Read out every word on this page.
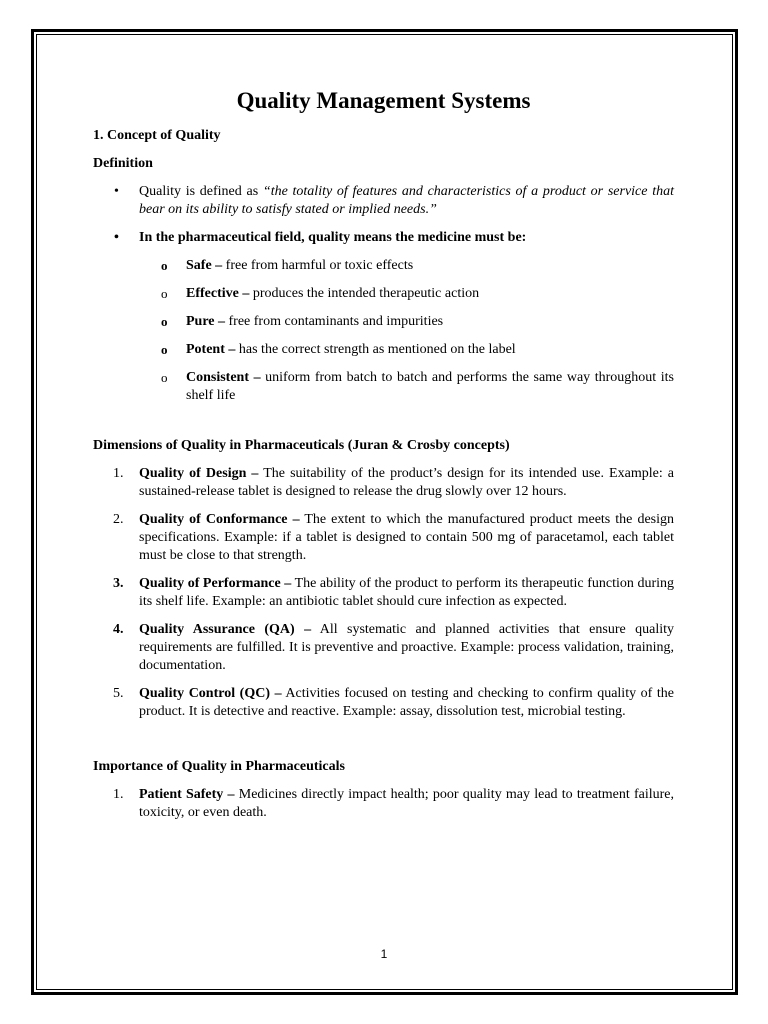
Quality Management Systems

1. Concept of Quality

Definition

•	Quality is defined as “the totality of features and characteristics of a product or service that bear on its ability to satisfy stated or implied needs.”
•	In the pharmaceutical field, quality means the medicine must be:
o	Safe – free from harmful or toxic effects
o	Effective – produces the intended therapeutic action
o	Pure – free from contaminants and impurities
o	Potent – has the correct strength as mentioned on the label
o	Consistent – uniform from batch to batch and performs the same way throughout its shelf life

Dimensions of Quality in Pharmaceuticals (Juran & Crosby concepts)

1.	Quality of Design – The suitability of the product’s design for its intended use. Example: a sustained-release tablet is designed to release the drug slowly over 12 hours.
2.	Quality of Conformance – The extent to which the manufactured product meets the design specifications. Example: if a tablet is designed to contain 500 mg of paracetamol, each tablet must be close to that strength.
3.	Quality of Performance – The ability of the product to perform its therapeutic function during its shelf life. Example: an antibiotic tablet should cure infection as expected.
4.	Quality Assurance (QA) – All systematic and planned activities that ensure quality requirements are fulfilled. It is preventive and proactive. Example: process validation, training, documentation.
5.	Quality Control (QC) – Activities focused on testing and checking to confirm quality of the product. It is detective and reactive. Example: assay, dissolution test, microbial testing.

Importance of Quality in Pharmaceuticals

1.	Patient Safety – Medicines directly impact health; poor quality may lead to treatment failure, toxicity, or even death.
1
